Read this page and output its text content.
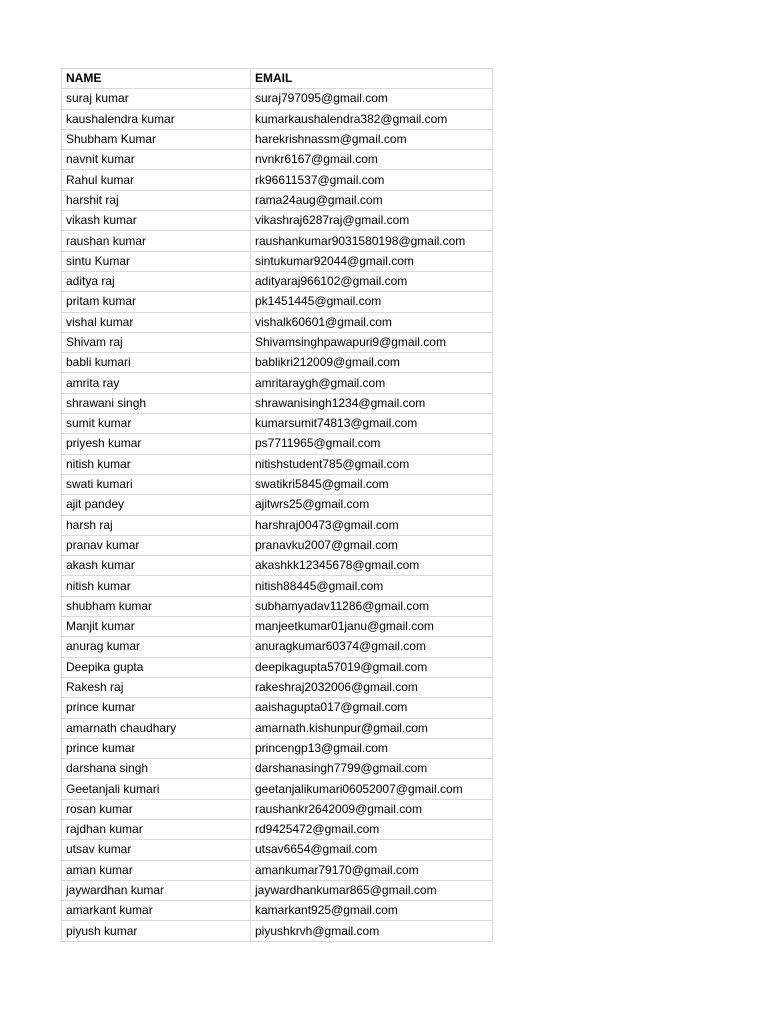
NAME	EMAIL
suraj kumar	suraj797095@gmail.com
kaushalendra kumar	kumarkaushalendra382@gmail.com
Shubham Kumar	harekrishnassm@gmail.com
navnit kumar	nvnkr6167@gmail.com
Rahul kumar	rk96611537@gmail.com
harshit raj	rama24aug@gmail.com
vikash kumar	vikashraj6287raj@gmail.com
raushan kumar	raushankumar9031580198@gmail.com
sintu Kumar	sintukumar92044@gmail.com
aditya raj	adityaraj966102@gmail.com
pritam kumar	pk1451445@gmail.com
vishal kumar	vishalk60601@gmail.com
Shivam raj	Shivamsinghpawapuri9@gmail.com
babli kumari	bablikri212009@gmail.com
amrita ray	amritaraygh@gmail.com
shrawani singh	shrawanisingh1234@gmail.com
sumit kumar	kumarsumit74813@gmail.com
priyesh kumar	ps7711965@gmail.com
nitish kumar	nitishstudent785@gmail.com
swati kumari	swatikri5845@gmail.com
ajit pandey	ajitwrs25@gmail.com
harsh raj	harshraj00473@gmail.com
pranav kumar	pranavku2007@gmail.com
akash kumar	akashkk12345678@gmail.com
nitish kumar	nitish88445@gmail.com
shubham kumar	subhamyadav11286@gmail.com
Manjit kumar	manjeetkumar01janu@gmail.com
anurag kumar	anuragkumar60374@gmail.com
Deepika gupta	deepikagupta57019@gmail.com
Rakesh raj	rakeshraj2032006@gmail.com
prince kumar	aaishagupta017@gmail.com
amarnath chaudhary	amarnath.kishunpur@gmail.com
prince kumar	princengp13@gmail.com
darshana singh	darshanasingh7799@gmail.com
Geetanjali kumari	geetanjalikumari06052007@gmail.com
rosan kumar	raushankr2642009@gmail.com
rajdhan kumar	rd9425472@gmail.com
utsav kumar	utsav6654@gmail.com
aman kumar	amankumar79170@gmail.com
jaywardhan kumar	jaywardhankumar865@gmail.com
amarkant kumar	kamarkant925@gmail.com
piyush kumar	piyushkrvh@gmail.com
